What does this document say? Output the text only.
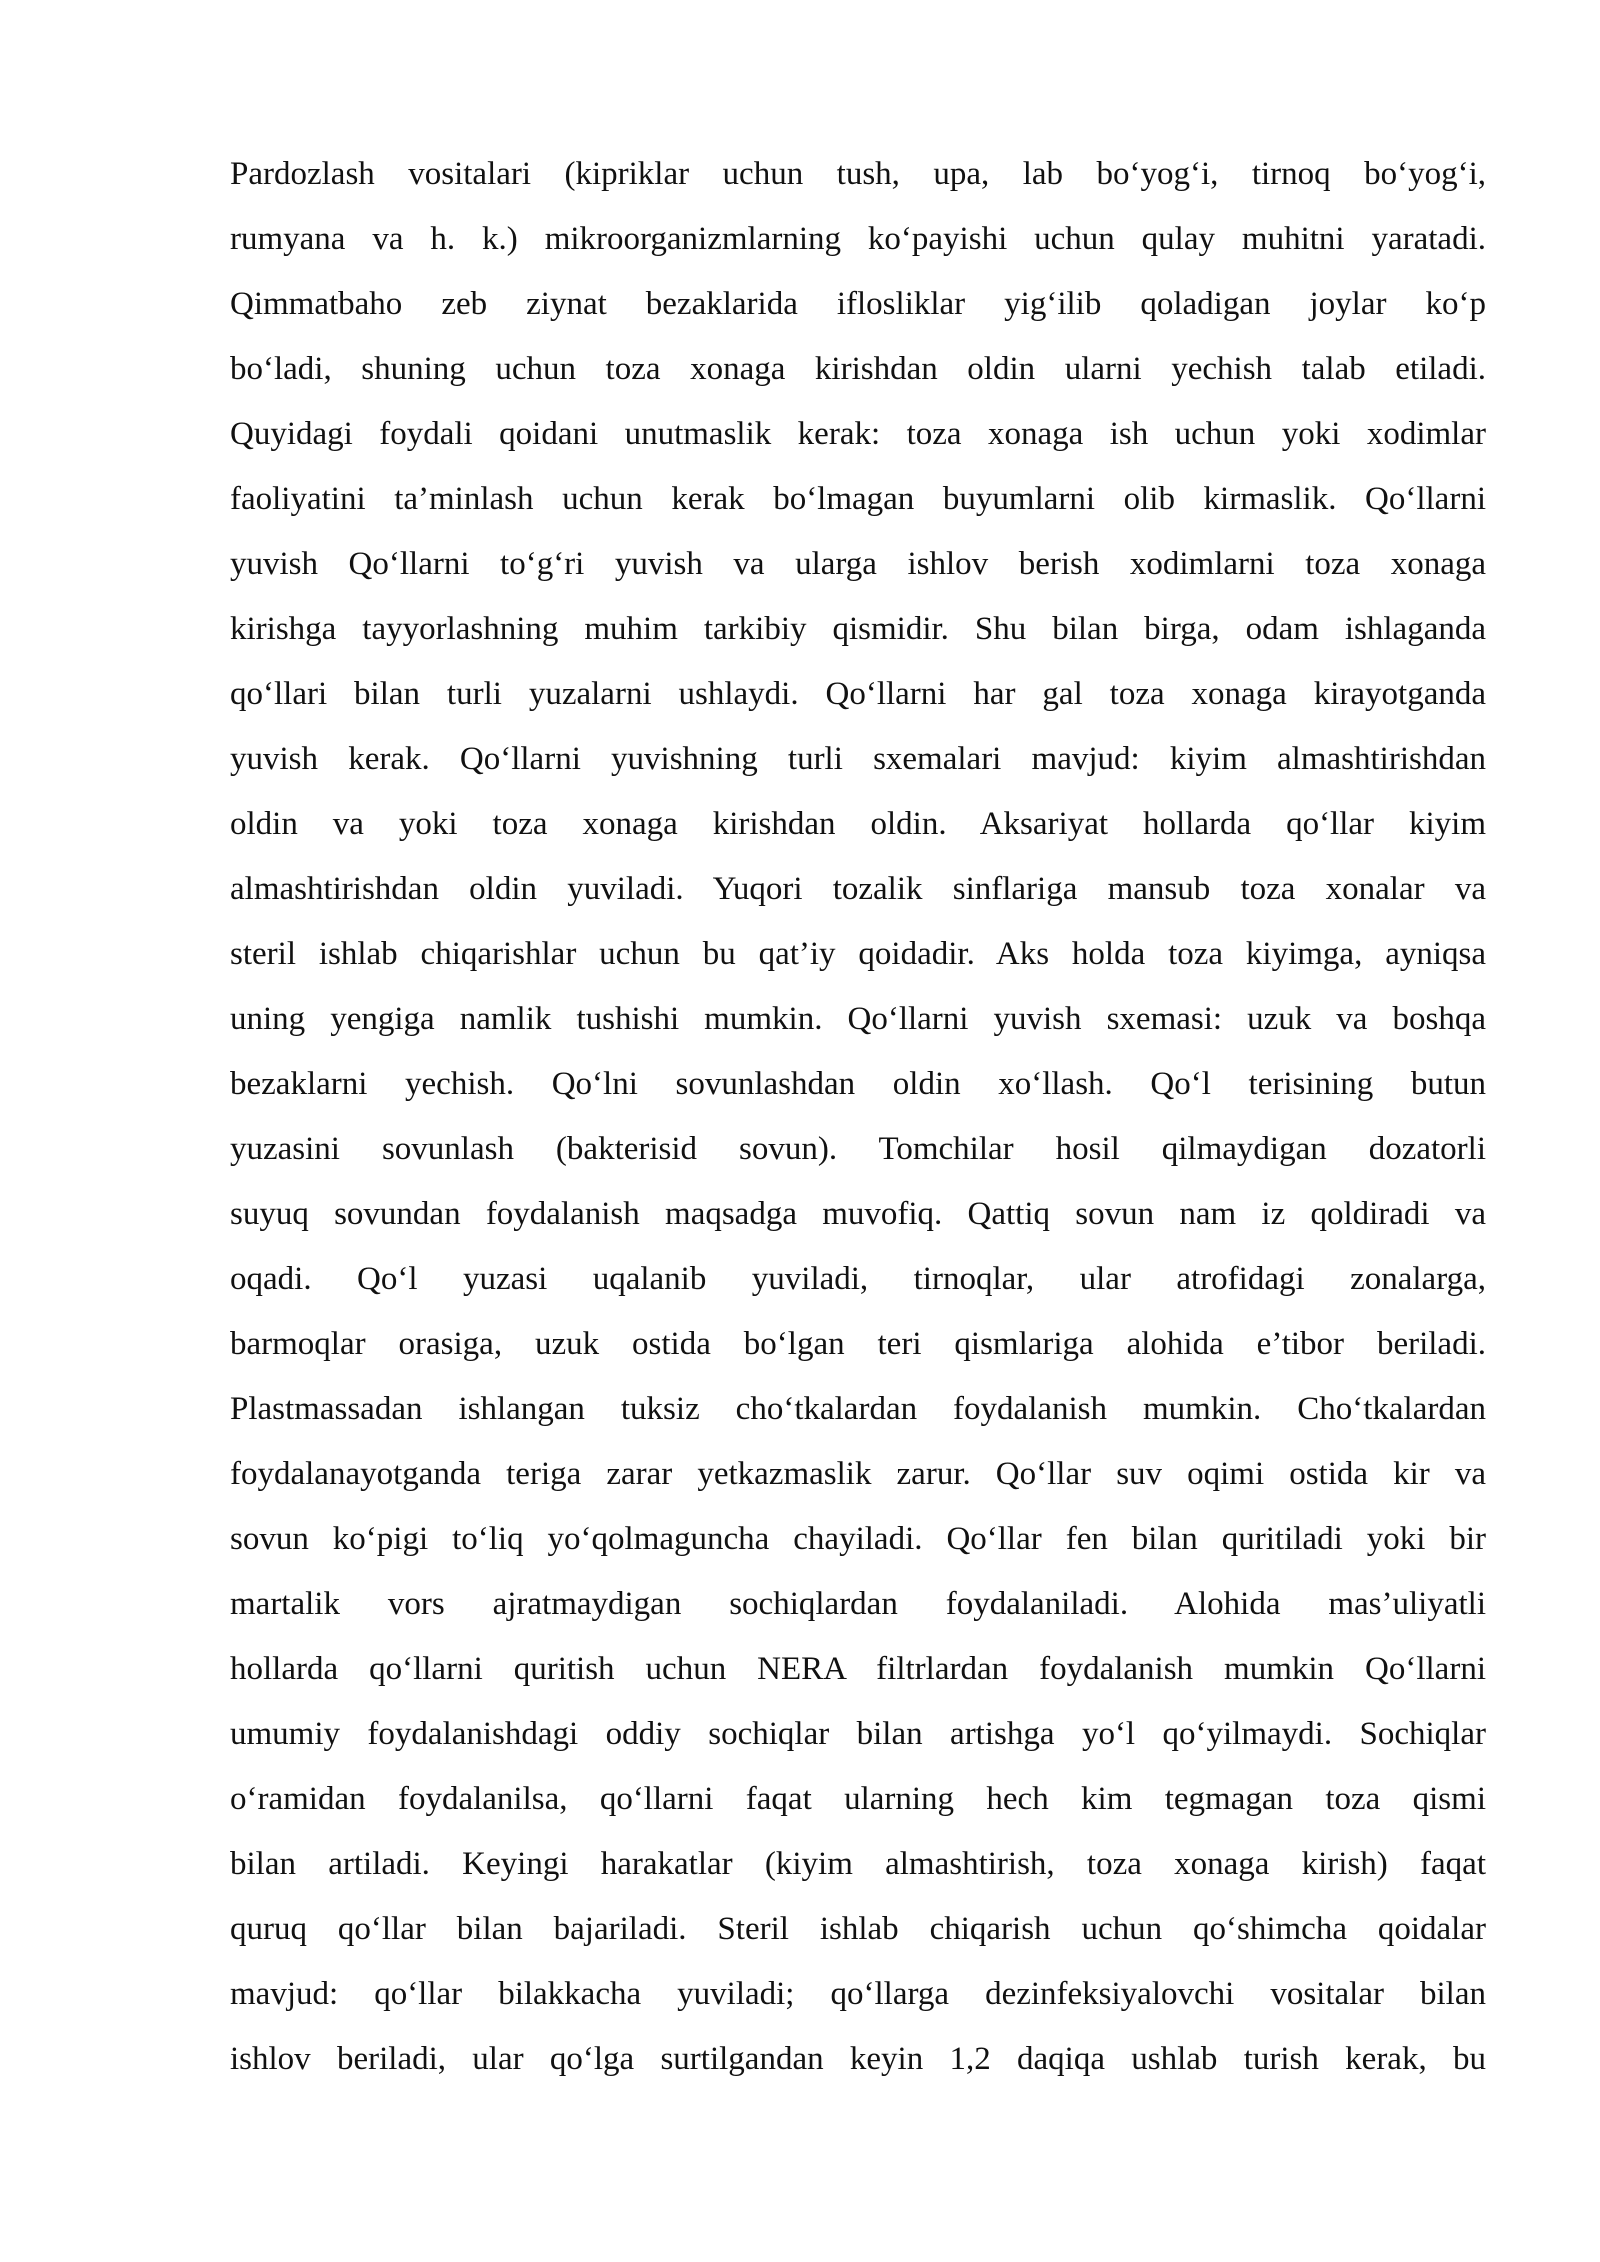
Pardozlash vositalari (kipriklar uchun tush, upa, lab bo‘yog‘i, tirnoq bo‘yog‘i,
rumyana va h. k.) mikroorganizmlarning ko‘payishi uchun qulay muhitni yaratadi.
Qimmatbaho zeb ziynat bezaklarida iflosliklar yig‘ilib qoladigan joylar ko‘p
bo‘ladi, shuning uchun toza xonaga kirishdan oldin ularni yechish talab etiladi.
Quyidagi foydali qoidani unutmaslik kerak: toza xonaga ish uchun yoki xodimlar
faoliyatini ta’minlash uchun kerak bo‘lmagan buyumlarni olib kirmaslik. Qo‘llarni
yuvish Qo‘llarni to‘g‘ri yuvish va ularga ishlov berish xodimlarni toza xonaga
kirishga tayyorlashning muhim tarkibiy qismidir. Shu bilan birga, odam ishlaganda
qo‘llari bilan turli yuzalarni ushlaydi. Qo‘llarni har gal toza xonaga kirayotganda
yuvish kerak. Qo‘llarni yuvishning turli sxemalari mavjud: kiyim almashtirishdan
oldin va yoki toza xonaga kirishdan oldin. Aksariyat hollarda qo‘llar kiyim
almashtirishdan oldin yuviladi. Yuqori tozalik sinflariga mansub toza xonalar va
steril ishlab chiqarishlar uchun bu qat’iy qoidadir. Aks holda toza kiyimga, ayniqsa
uning yengiga namlik tushishi mumkin. Qo‘llarni yuvish sxemasi: uzuk va boshqa
bezaklarni yechish. Qo‘lni sovunlashdan oldin xo‘llash. Qo‘l terisining butun
yuzasini sovunlash (bakterisid sovun). Tomchilar hosil qilmaydigan dozatorli
suyuq sovundan foydalanish maqsadga muvofiq. Qattiq sovun nam iz qoldiradi va
oqadi. Qo‘l yuzasi uqalanib yuviladi, tirnoqlar, ular atrofidagi zonalarga,
barmoqlar orasiga, uzuk ostida bo‘lgan teri qismlariga alohida e’tibor beriladi.
Plastmassadan ishlangan tuksiz cho‘tkalardan foydalanish mumkin. Cho‘tkalardan
foydalanayotganda teriga zarar yetkazmaslik zarur. Qo‘llar suv oqimi ostida kir va
sovun ko‘pigi to‘liq yo‘qolmaguncha chayiladi. Qo‘llar fen bilan quritiladi yoki bir
martalik vors ajratmaydigan sochiqlardan foydalaniladi. Alohida mas’uliyatli
hollarda qo‘llarni quritish uchun NERA filtrlardan foydalanish mumkin Qo‘llarni
umumiy foydalanishdagi oddiy sochiqlar bilan artishga yo‘l qo‘yilmaydi. Sochiqlar
o‘ramidan foydalanilsa, qo‘llarni faqat ularning hech kim tegmagan toza qismi
bilan artiladi. Keyingi harakatlar (kiyim almashtirish, toza xonaga kirish) faqat
quruq qo‘llar bilan bajariladi. Steril ishlab chiqarish uchun qo‘shimcha qoidalar
mavjud: qo‘llar bilakkacha yuviladi; qo‘llarga dezinfeksiyalovchi vositalar bilan
ishlov beriladi, ular qo‘lga surtilgandan keyin 1,2 daqiqa ushlab turish kerak, bu
